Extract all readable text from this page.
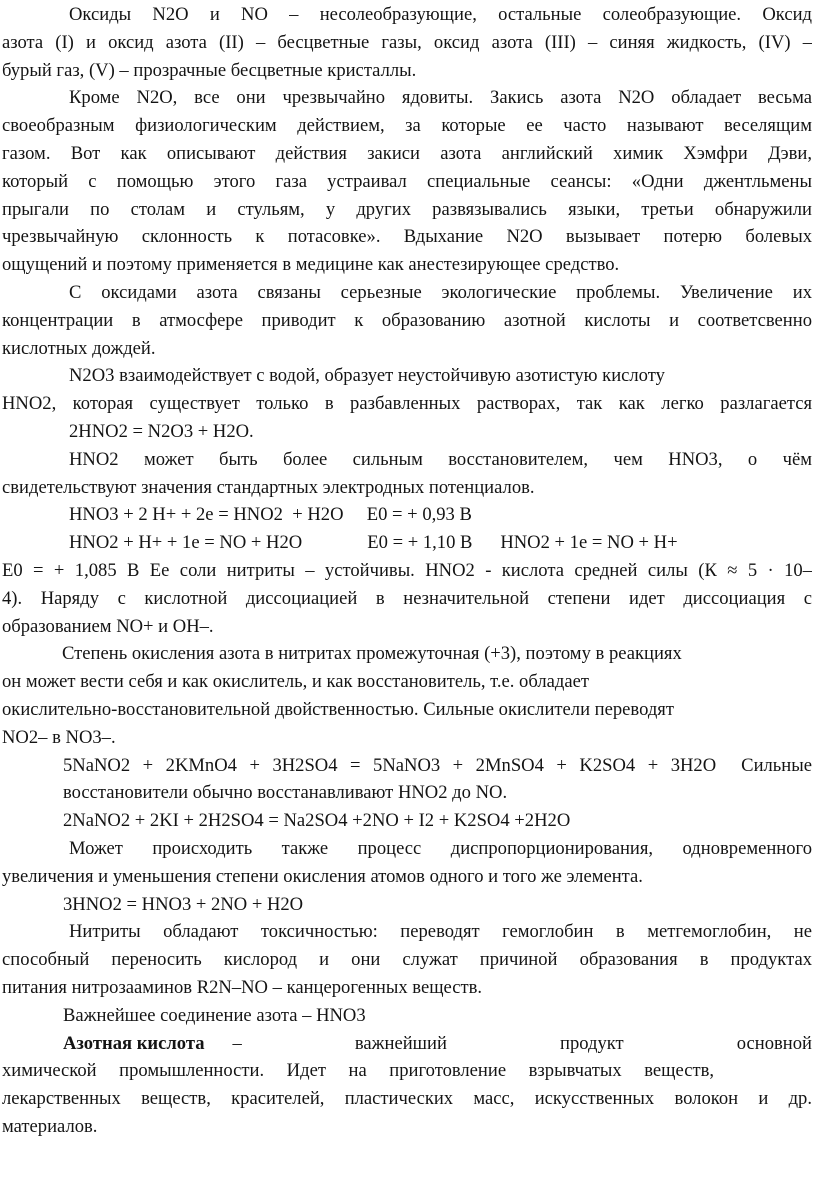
Оксиды N2O и NO – несолеобразующие, остальные солеобразующие. Оксид
азота (I) и оксид азота (II) – бесцветные газы, оксид азота (III) – синяя жидкость, (IV) –
бурый газ, (V) – прозрачные бесцветные кристаллы.
Кроме N2O, все они чрезвычайно ядовиты. Закись азота N2O обладает весьма
своеобразным физиологическим действием, за которые ее часто называют веселящим
газом. Вот как описывают действия закиси азота английский химик Хэмфри Дэви,
который с помощью этого газа устраивал специальные сеансы: «Одни джентльмены
прыгали по столам и стульям, у других развязывались языки, третьи обнаружили
чрезвычайную склонность к потасовке». Вдыхание N2O вызывает потерю болевых
ощущений и поэтому применяется в медицине как анестезирующее средство.
С оксидами азота связаны серьезные экологические проблемы. Увеличение их
концентрации в атмосфере приводит к образованию азотной кислоты и соответсвенно
кислотных дождей.
N2O3 взаимодействует с водой, образует неустойчивую азотистую кислоту
HNO2, которая существует только в разбавленных растворах, так как легко разлагается
2HNO2 = N2O3 + H2O.
HNO2 может быть более сильным восстановителем, чем HNO3, о чём
свидетельствуют значения стандартных электродных потенциалов.
HNO3 + 2 H+ + 2e = HNO2  + H2O     E0 = + 0,93 В
HNO2 + H+ + 1e = NO + H2O              E0 = + 1,10 В      HNO2 + 1e = NO + H+
E0 = + 1,085 В Ее соли нитриты – устойчивы. HNO2 - кислота средней силы (К ≈ 5 · 10–
4). Наряду с кислотной диссоциацией в незначительной степени идет диссоциация с
образованием NO+ и OH–.
Степень окисления азота в нитритах промежуточная (+3), поэтому в реакциях
он может вести себя и как окислитель, и как восстановитель, т.е. обладает
окислительно-восстановительной двойственностью. Сильные окислители переводят
NO2– в NO3–.
5NaNO2 + 2KMnO4 + 3H2SO4 = 5NaNO3 + 2MnSO4 + K2SO4 + 3H2O  Сильные
восстановители обычно восстанавливают HNO2 до NO.
2NaNO2 + 2KI + 2H2SO4 = Na2SO4 +2NO + I2 + K2SO4 +2H2O
Может происходить также процесс диспропорционирования, одновременного
увеличения и уменьшения степени окисления атомов одного и того же элемента.
3HNO2 = HNO3 + 2NO + H2O
Нитриты обладают токсичностью: переводят гемоглобин в метгемоглобин, не
способный переносить кислород и они служат причиной образования в продуктах
питания нитрозааминов R2N–NO – канцерогенных веществ.
Важнейшее соединение азота – HNO3
Азотная кислота – важнейший продукт основной
химической промышленности. Идет на приготовление взрывчатых веществ,
лекарственных веществ, красителей, пластических масс, искусственных волокон и др.
материалов.
